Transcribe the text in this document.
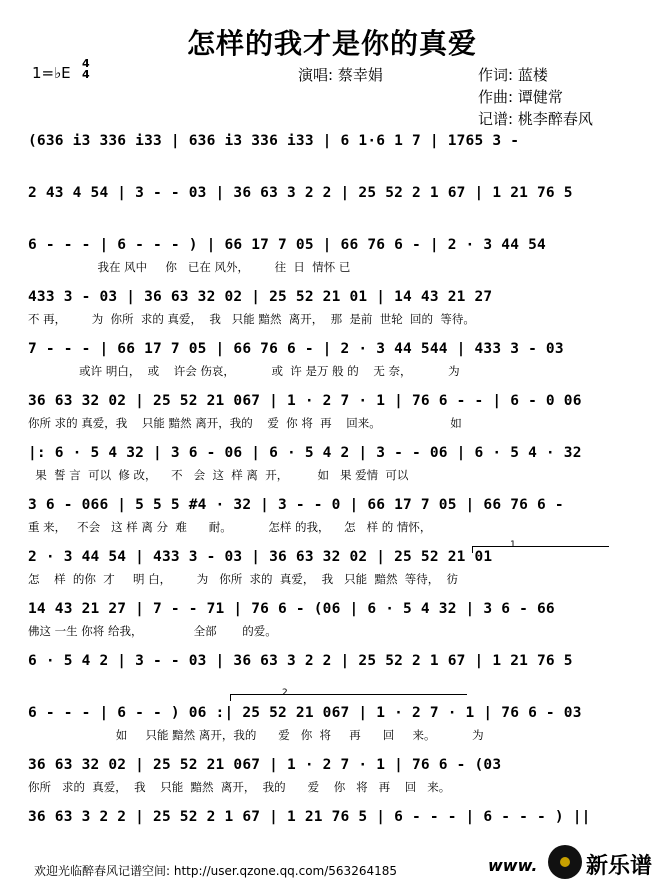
怎样的我才是你的真爱
1=♭E
4
4	演唱: 蔡幸娟	作词: 蓝楼
作曲: 谭健常
记谱: 桃李醉春风
(636 i3 336 i33 | 636 i3 336 i33 | 6 1·6 1 7 | 1765 3 -
2 43 4 54 | 3 - - 03 | 36 63 3 2 2 | 25 52 2 1 67 | 1 21 76 5
6 - - - | 6 - - - ) | 66 17 7 05 | 66 76 6 - | 2 · 3 44 54
我在 风中     你   已在 风外，       往  日  情怀 已
433 3 - 03 | 36 63 32 02 | 25 52 21 01 | 14 43 21 27
不 再，       为  你所  求的 真爱，  我   只能 黯然  离开，  那  是前  世轮  回的  等待。
7 - - - | 66 17 7 05 | 66 76 6 - | 2 · 3 44 544 | 433 3 - 03
或许 明白，  或    许会 伤哀，          或  许 是万 般 的    无 奈，          为
36 63 32 02 | 25 52 21 067 | 1 · 2 7 · 1 | 76 6 - - | 6 - 0 06
你所 求的 真爱，我    只能 黯然 离开，我的    爱  你 将  再    回来。                   如
|: 6 · 5 4 32 | 3 6 - 06 | 6 · 5 4 2 | 3 - - 06 | 6 · 5 4 · 32
果  誓 言  可以  修 改，    不   会  这  样 离  开，        如   果 爱情  可以
3 6 - 066 | 5 5 5 #4 · 32 | 3 - - 0 | 66 17 7 05 | 66 76 6 -
重 来，   不会   这 样 离 分  难      耐。          怎样 的我，    怎   样 的 情怀，
2 · 3 44 54 | 433 3 - 03 | 36 63 32 02 | 25 52 21 01
怎    样  的你  才     明 白，       为   你所  求的  真爱，  我   只能  黯然  等待，  彷
14 43 21 27 | 7 - - 71 | 76 6 - (06 | 6 · 5 4 32 | 3 6 - 66
佛这 一生 你将 给我，              全部       的爱。
6 · 5 4 2 | 3 - - 03 | 36 63 3 2 2 | 25 52 2 1 67 | 1 21 76 5
6 - - - | 6 - - ) 06 :| 25 52 21 067 | 1 · 2 7 · 1 | 76 6 - 03
如     只能 黯然 离开，我的      爱   你  将     再      回     来。          为
36 63 32 02 | 25 52 21 067 | 1 · 2 7 · 1 | 76 6 - (03
你所   求的  真爱，  我    只能  黯然  离开，  我的      爱    你   将   再    回   来。
36 63 3 2 2 | 25 52 2 1 67 | 1 21 76 5 | 6 - - - | 6 - - - ) ||
1
2
欢迎光临醉春风记谱空间: http://user.qzone.qq.com/563264185	www. 新乐谱
